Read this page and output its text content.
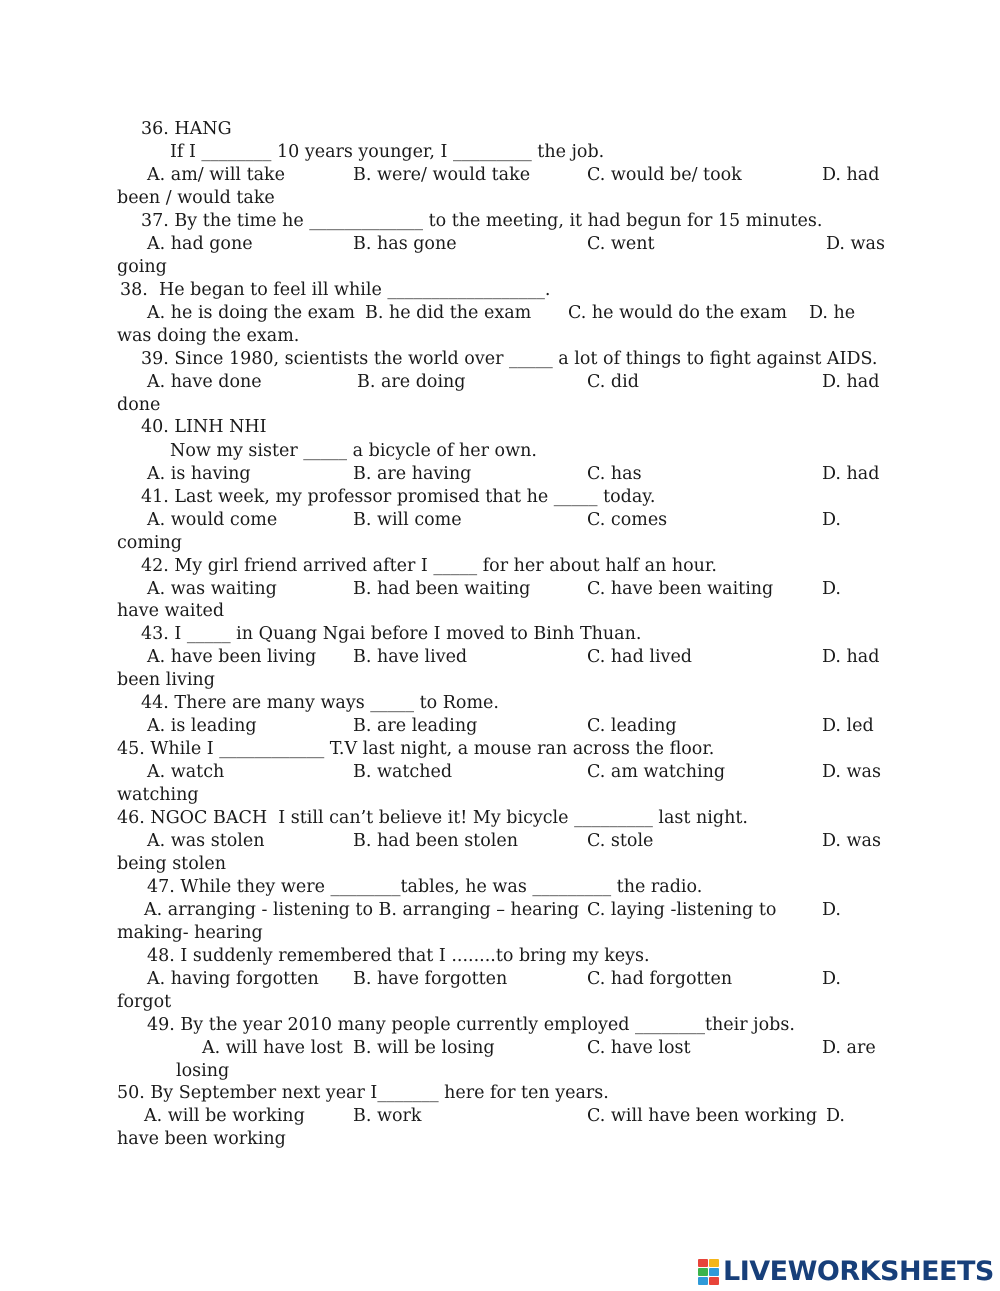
36. HANG
If I ________ 10 years younger, I _________ the job.
A. am/ will take	B. were/ would take	C. would be/ took	D. had
been / would take
37. By the time he _____________ to the meeting, it had begun for 15 minutes.
A. had gone	B. has gone	C. went	D. was
going
38.  He began to feel ill while __________________.
A. he is doing the exam B. he did the exam C. he would do the exam D. he
was doing the exam.
39. Since 1980, scientists the world over _____ a lot of things to fight against AIDS.
A. have done	B. are doing	C. did	D. had
done
40. LINH NHI
Now my sister _____ a bicycle of her own.
A. is having	B. are having	C. has	D. had
41. Last week, my professor promised that he _____ today.
A. would come	B. will come	C. comes	D.
coming
42. My girl friend arrived after I _____ for her about half an hour.
A. was waiting	B. had been waiting	C. have been waiting	D.
have waited
43. I _____ in Quang Ngai before I moved to Binh Thuan.
A. have been living B. have lived	C. had lived	D. had
been living
44. There are many ways _____ to Rome.
A. is leading	B. are leading	C. leading	D. led
45. While I ____________ T.V last night, a mouse ran across the floor.
A. watch	B. watched	C. am watching	D. was
watching
46. NGOC BACH  I still can’t believe it! My bicycle _________ last night.
A. was stolen	B. had been stolen	C. stole	D. was
being stolen
47. While they were ________tables, he was _________ the radio.
A. arranging - listening to B. arranging – hearing C. laying -listening to	D.
making- hearing
48. I suddenly remembered that I ........to bring my keys.
A. having forgotten B. have forgotten	C. had forgotten	D.
forgot
49. By the year 2010 many people currently employed ________their jobs.
A. will have lost B. will be losing	C. have lost	D. are
losing
50. By September next year I_______ here for ten years.
A. will be working	B. work	C. will have been working D.
have been working
LIVEWORKSHEETS
